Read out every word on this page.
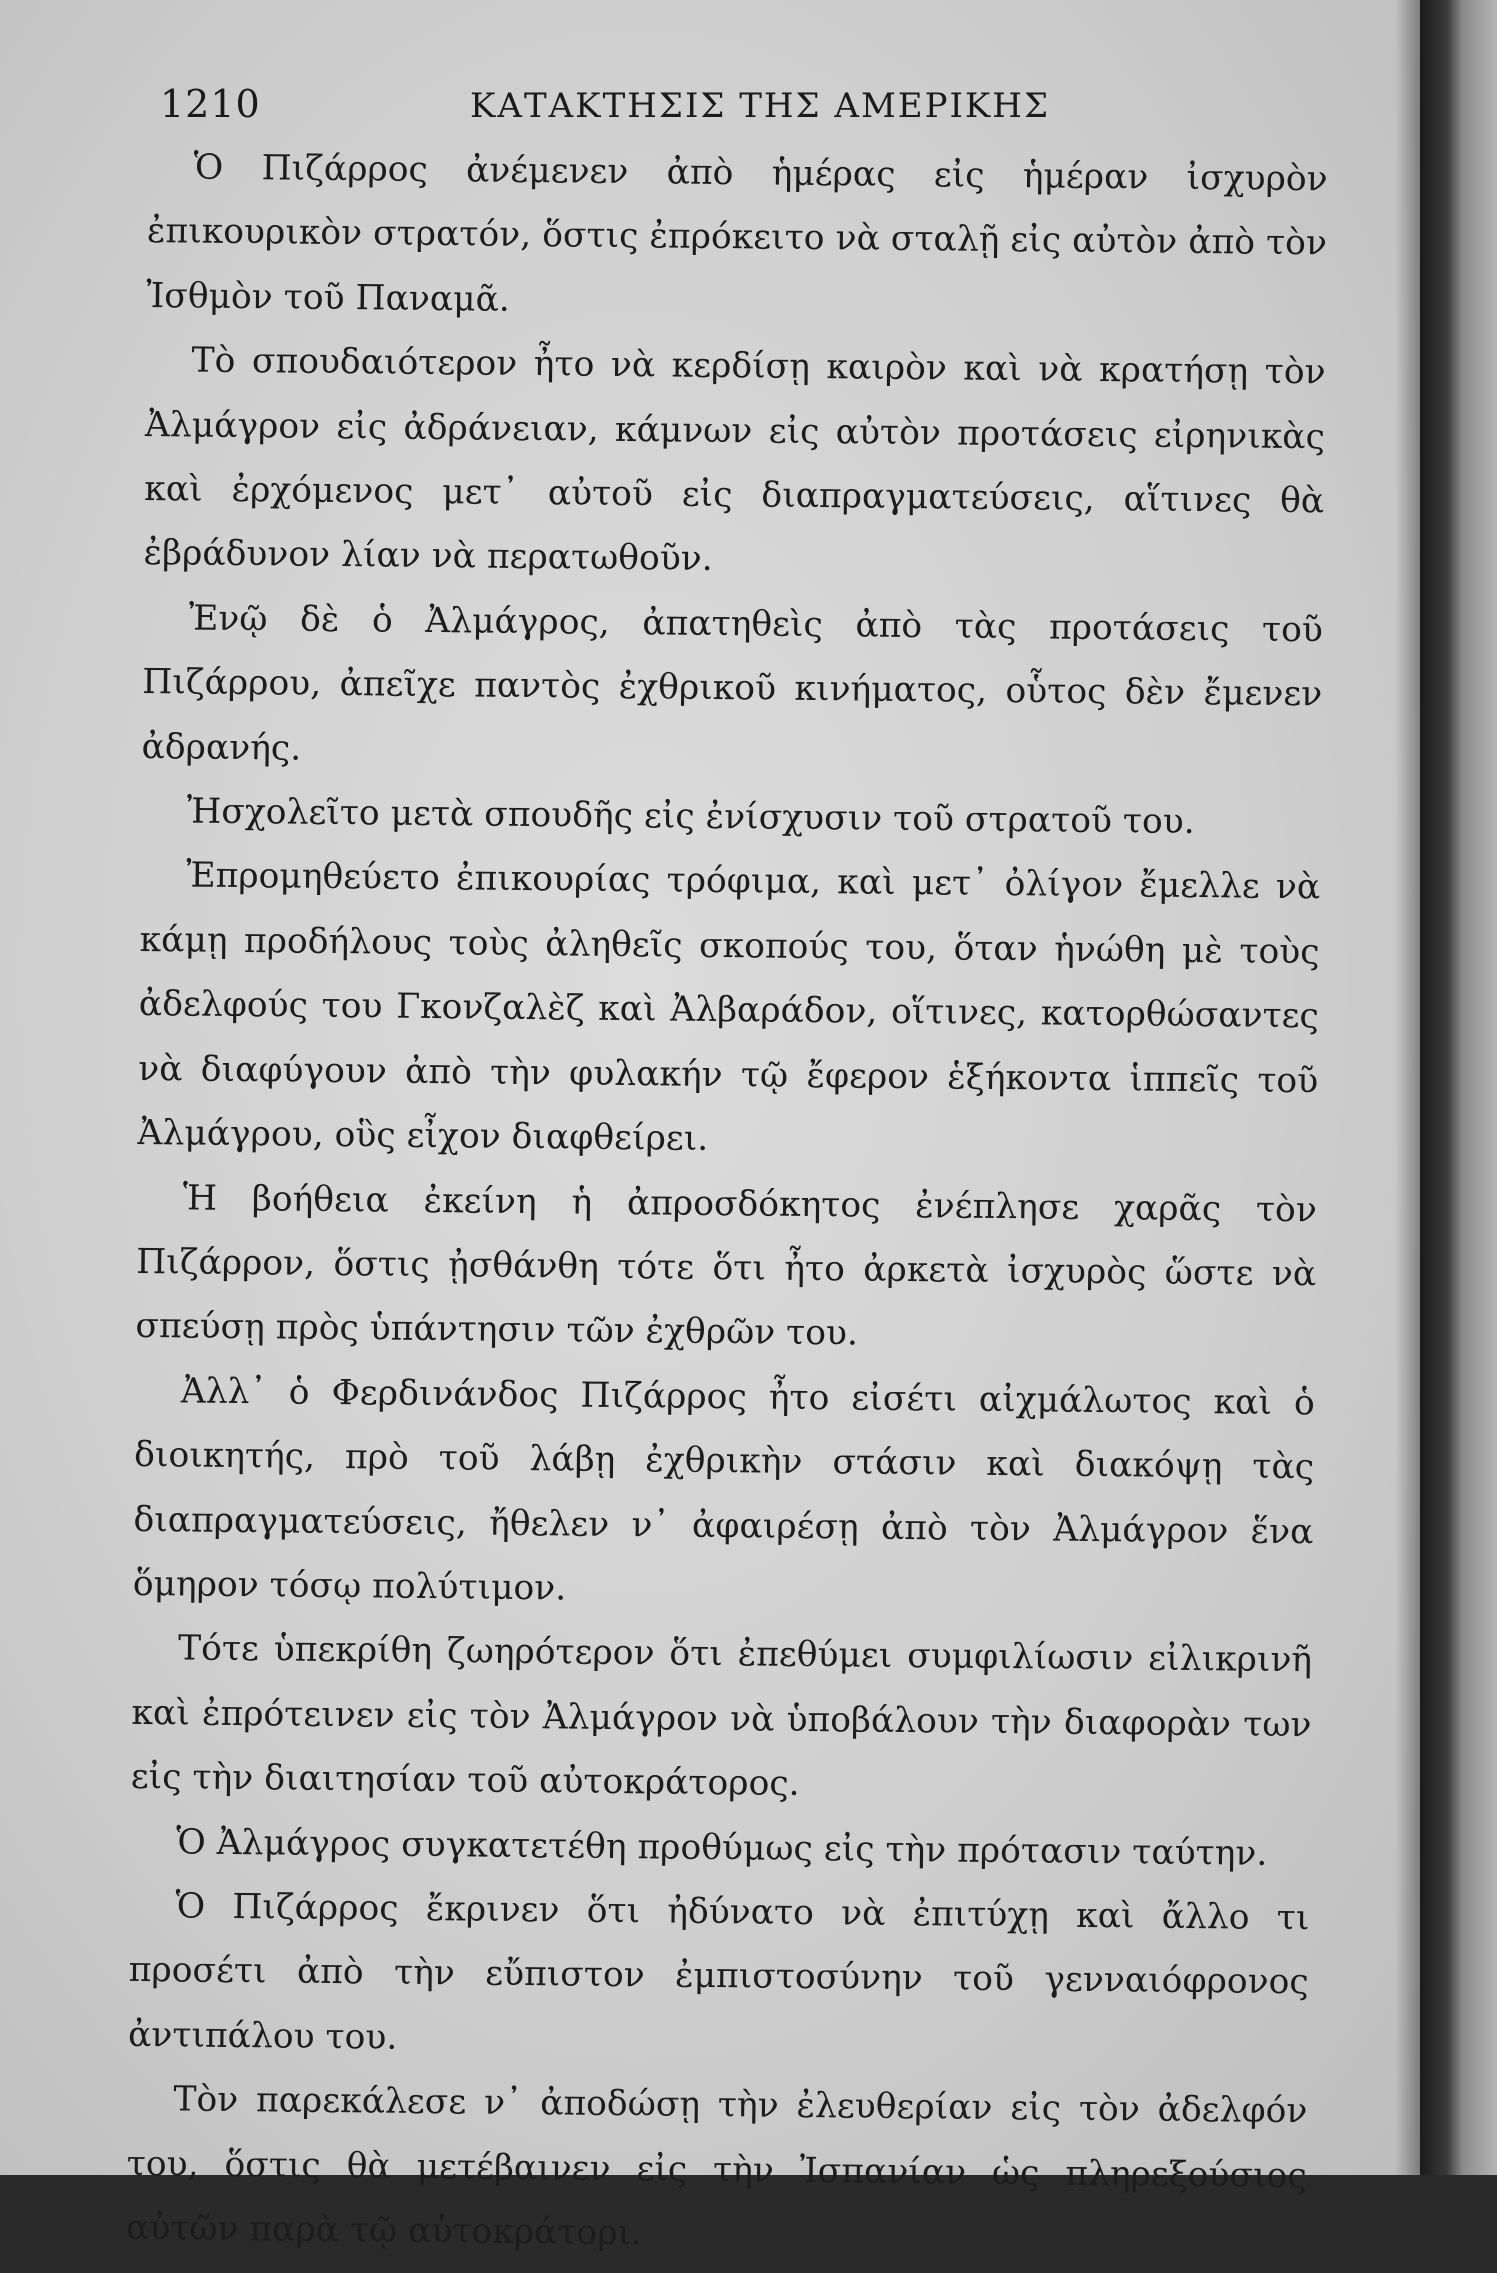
1210	ΚΑΤΑΚΤΗΣΙΣ ΤΗΣ ΑΜΕΡΙΚΗΣ

Ὁ Πιζάρρος ἀνέμενεν ἀπὸ ἡμέρας εἰς ἡμέραν ἰσχυρὸν ἐπικουρικὸν στρατόν, ὅστις ἐπρόκειτο νὰ σταλῇ εἰς αὐτὸν ἀπὸ τὸν Ἰσθμὸν τοῦ Παναμᾶ.

Τὸ σπουδαιότερον ἦτο νὰ κερδίσῃ καιρὸν καὶ νὰ κρατήσῃ τὸν Ἀλμάγρον εἰς ἀδράνειαν, κάμνων εἰς αὐτὸν προτάσεις εἰρηνικὰς καὶ ἐρχόμενος μετ᾽ αὐτοῦ εἰς διαπραγματεύσεις, αἵτινες θὰ ἐβράδυνον λίαν νὰ περατωθοῦν.

Ἐνῷ δὲ ὁ Ἀλμάγρος, ἀπατηθεὶς ἀπὸ τὰς προτάσεις τοῦ Πιζάρρου, ἀπεῖχε παντὸς ἐχθρικοῦ κινήματος, οὗτος δὲν ἔμενεν ἀδρανής.

Ἠσχολεῖτο μετὰ σπουδῆς εἰς ἐνίσχυσιν τοῦ στρατοῦ του.

Ἐπρομηθεύετο ἐπικουρίας τρόφιμα, καὶ μετ᾽ ὀλίγον ἔμελλε νὰ κάμῃ προδήλους τοὺς ἀληθεῖς σκοπούς του, ὅταν ἡνώθη μὲ τοὺς ἀδελφούς του Γκονζαλὲζ καὶ Ἀλβαράδον, οἵτινες, κατορθώσαντες νὰ διαφύγουν ἀπὸ τὴν φυλακήν τῷ ἔφερον ἑξήκοντα ἱππεῖς τοῦ Ἀλμάγρου, οὓς εἶχον διαφθείρει.

Ἡ βοήθεια ἐκείνη ἡ ἀπροσδόκητος ἐνέπλησε χαρᾶς τὸν Πιζάρρον, ὅστις ᾐσθάνθη τότε ὅτι ἦτο ἀρκετὰ ἰσχυρὸς ὥστε νὰ σπεύσῃ πρὸς ὑπάντησιν τῶν ἐχθρῶν του.

Ἀλλ᾽ ὁ Φερδινάνδος Πιζάρρος ἦτο εἰσέτι αἰχμάλωτος καὶ ὁ διοικητής, πρὸ τοῦ λάβῃ ἐχθρικὴν στάσιν καὶ διακόψῃ τὰς διαπραγματεύσεις, ἤθελεν ν᾽ ἀφαιρέσῃ ἀπὸ τὸν Ἀλμάγρον ἕνα ὅμηρον τόσῳ πολύτιμον.

Τότε ὑπεκρίθη ζωηρότερον ὅτι ἐπεθύμει συμφιλίωσιν εἰλικρινῆ καὶ ἐπρότεινεν εἰς τὸν Ἀλμάγρον νὰ ὑποβάλουν τὴν διαφορὰν των εἰς τὴν διαιτησίαν τοῦ αὐτοκράτορος.

Ὁ Ἀλμάγρος συγκατετέθη προθύμως εἰς τὴν πρότασιν ταύτην.

Ὁ Πιζάρρος ἔκρινεν ὅτι ἠδύνατο νὰ ἐπιτύχῃ καὶ ἄλλο τι προσέτι ἀπὸ τὴν εὔπιστον ἐμπιστοσύνην τοῦ γενναιόφρονος ἀντιπάλου του.

Τὸν παρεκάλεσε ν᾽ ἀποδώσῃ τὴν ἐλευθερίαν εἰς τὸν ἀδελφόν του, ὅστις θὰ μετέβαινεν εἰς τὴν Ἰσπανίαν ὡς πληρεξούσιος αὐτῶν παρὰ τῷ αὐτοκράτορι.
